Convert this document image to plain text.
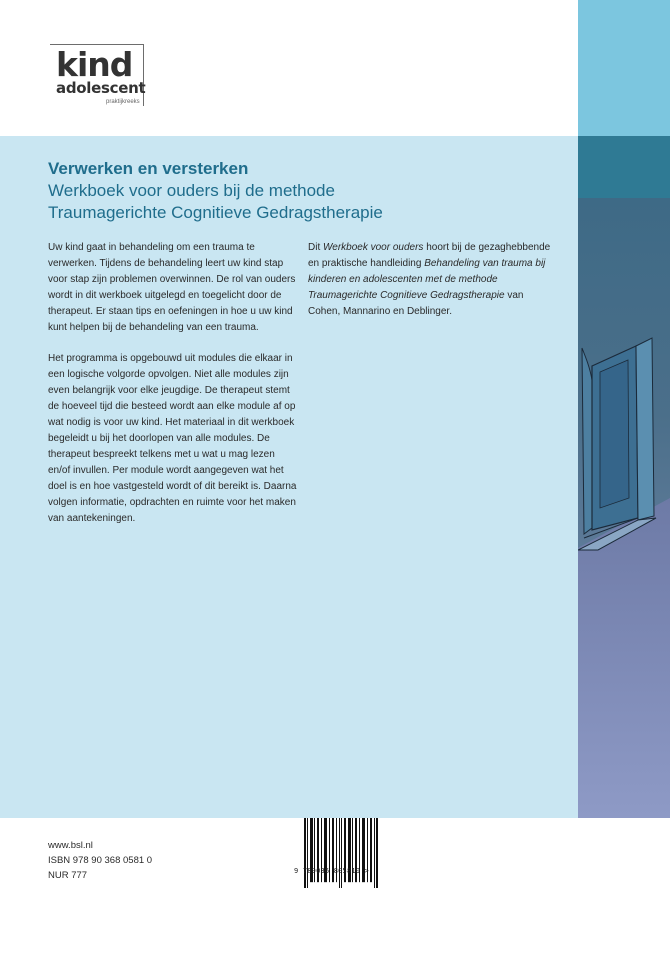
kind
adolescent
praktijkreeks
Verwerken en versterken
Werkboek voor ouders bij de methode
Traumagerichte Cognitieve Gedragstherapie

Uw kind gaat in behandeling om een trauma te verwerken. Tijdens de behandeling leert uw kind stap voor stap zijn problemen overwinnen. De rol van ouders wordt in dit werkboek uitgelegd en toegelicht door de therapeut. Er staan tips en oefeningen in hoe u uw kind kunt helpen bij de behandeling van een trauma.

Het programma is opgebouwd uit modules die elkaar in een logische volgorde opvolgen. Niet alle modules zijn even belangrijk voor elke jeugdige. De therapeut stemt de hoeveel tijd die besteed wordt aan elke module af op wat nodig is voor uw kind. Het materiaal in dit werkboek begeleidt u bij het doorlopen van alle modules. De therapeut bespreekt telkens met u wat u mag lezen en/of invullen. Per module wordt aangegeven wat het doel is en hoe vastgesteld wordt of dit bereikt is. Daarna volgen informatie, opdrachten en ruimte voor het maken van aantekeningen.

Dit Werkboek voor ouders hoort bij de gezaghebbende en praktische handleiding Behandeling van trauma bij kinderen en adolescenten met de methode Traumagerichte Cognitieve Gedragstherapie van Cohen, Mannarino en Deblinger.

www.bsl.nl
ISBN 978 90 368 0581 0
NUR 777	9 789036 805810 >
